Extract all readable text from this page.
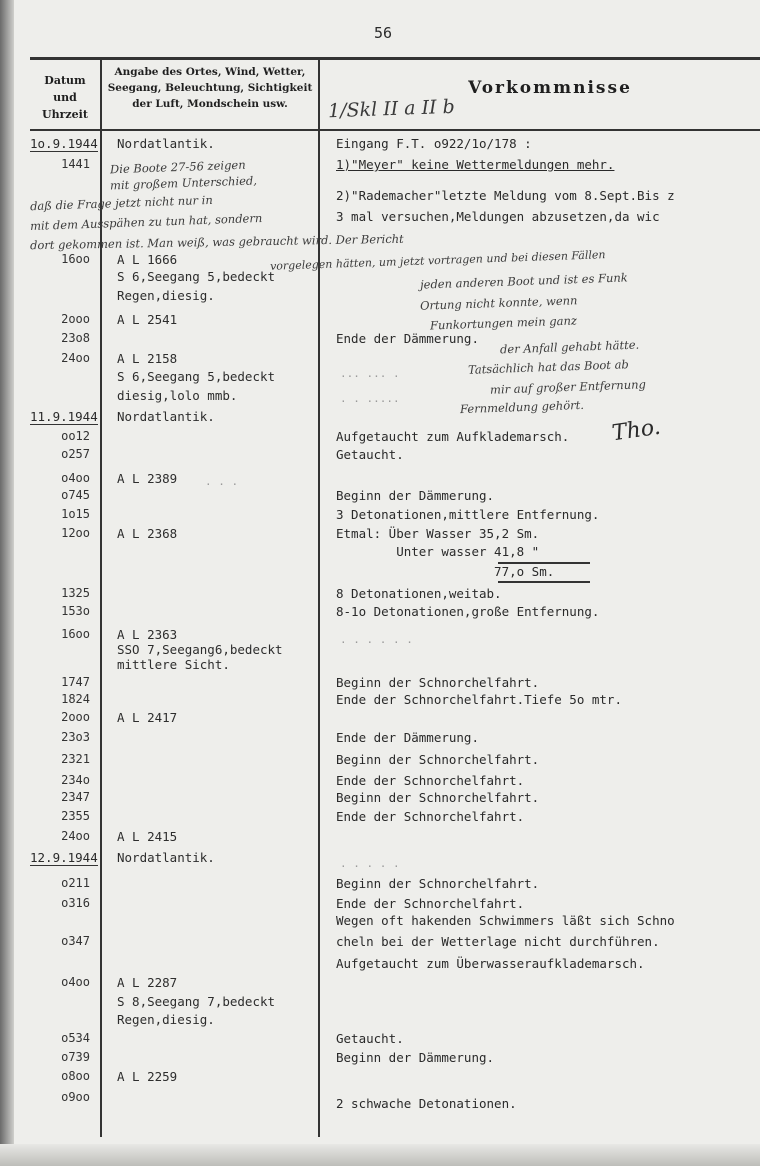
56
Datum
und
Uhrzeit
Angabe des Ortes, Wind, Wetter,
Seegang, Beleuchtung, Sichtigkeit
der Luft, Mondschein usw.
Vorkommnisse
1/Skl II a II b
1o.9.1944 Nordatlantik.	Eingang F.T. o922/1o/178 :
1441	1)"Meyer" keine Wettermeldungen mehr.
2)"Rademacher"letzte Meldung vom 8.Sept.Bis z
3 mal versuchen,Meldungen abzusetzen,da wic
16oo A L 1666
S 6,Seegang 5,bedeckt
Regen,diesig.
2ooo A L 2541
23o8	Ende der Dämmerung.
24oo A L 2158
S 6,Seegang 5,bedeckt
diesig,lolo mmb.
11.9.1944 Nordatlantik.
oo12	Aufgetaucht zum Aufklademarsch.
o257	Getaucht.
o4oo A L 2389
o745	Beginn der Dämmerung.
1o15	3 Detonationen,mittlere Entfernung.
12oo A L 2368	Etmal: Über Wasser 35,2 Sm.
Unter wasser 41,8 "
77,o Sm.
1325	8 Detonationen,weitab.
153o	8-1o Detonationen,große Entfernung.
16oo A L 2363
SSO 7,Seegang6,bedeckt
mittlere Sicht.
1747	Beginn der Schnorchelfahrt.
1824	Ende der Schnorchelfahrt.Tiefe 5o mtr.
2ooo A L 2417
23o3	Ende der Dämmerung.
2321	Beginn der Schnorchelfahrt.
234o	Ende der Schnorchelfahrt.
2347	Beginn der Schnorchelfahrt.
2355	Ende der Schnorchelfahrt.
24oo A L 2415
12.9.1944 Nordatlantik.
o211	Beginn der Schnorchelfahrt.
o316	Ende der Schnorchelfahrt.
Wegen oft hakenden Schwimmers läßt sich Schno
o347	cheln bei der Wetterlage nicht durchführen.
Aufgetaucht zum Überwasseraufklademarsch.
o4oo A L 2287
S 8,Seegang 7,bedeckt
Regen,diesig.
o534	Getaucht.
o739	Beginn der Dämmerung.
o8oo A L 2259
o9oo	2 schwache Detonationen.
Die Boote 27-56 zeigen
mit großem Unterschied,
daß die Frage jetzt nicht nur in
mit dem Ausspähen zu tun hat, sondern
dort gekommen ist. Man weiß, was gebraucht wird. Der Bericht
vorgelegen hätten, um jetzt vortragen und bei diesen Fällen
jeden anderen Boot und ist es Funk
Ortung nicht konnte, wenn
Funkortungen mein ganz
der Anfall gehabt hätte.
Tatsächlich hat das Boot ab
mir auf großer Entfernung
Fernmeldung gehört.
Tho.
··· ··· ·
· · ·····
· · ·
· · · · · ·
· · · · ·
